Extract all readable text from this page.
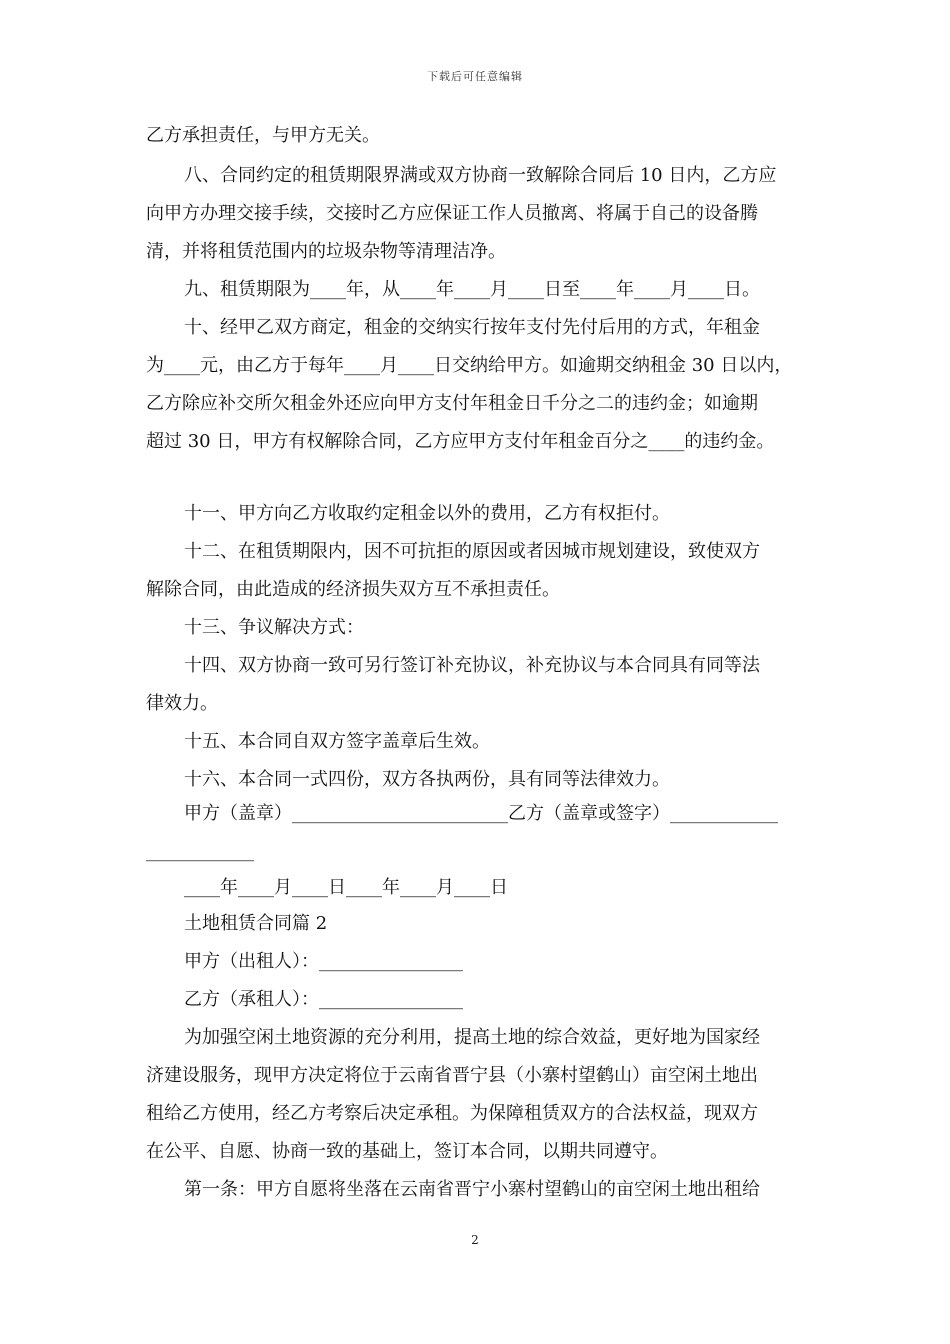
下载后可任意编辑
乙方承担责任，与甲方无关。
八、合同约定的租赁期限界满或双方协商一致解除合同后 10 日内，乙方应
向甲方办理交接手续，交接时乙方应保证工作人员撤离、将属于自己的设备腾
清，并将租赁范围内的垃圾杂物等清理洁净。
九、租赁期限为____年，从____年____月____日至____年____月____日。
十、经甲乙双方商定，租金的交纳实行按年支付先付后用的方式，年租金
为____元，由乙方于每年____月____日交纳给甲方。如逾期交纳租金 30 日以内，
乙方除应补交所欠租金外还应向甲方支付年租金日千分之二的违约金；如逾期
超过 30 日，甲方有权解除合同，乙方应甲方支付年租金百分之____的违约金。
十一、甲方向乙方收取约定租金以外的费用，乙方有权拒付。
十二、在租赁期限内，因不可抗拒的原因或者因城市规划建设，致使双方
解除合同，由此造成的经济损失双方互不承担责任。
十三、争议解决方式：
十四、双方协商一致可另行签订补充协议，补充协议与本合同具有同等法
律效力。
十五、本合同自双方签字盖章后生效。
十六、本合同一式四份，双方各执两份，具有同等法律效力。
甲方（盖章）________________________乙方（盖章或签字）____________
____________
____年____月____日____年____月____日
土地租赁合同篇 2
甲方（出租人）：________________
乙方（承租人）：________________
为加强空闲土地资源的充分利用，提高土地的综合效益，更好地为国家经
济建设服务，现甲方决定将位于云南省晋宁县（小寨村望鹤山）亩空闲土地出
租给乙方使用，经乙方考察后决定承租。为保障租赁双方的合法权益，现双方
在公平、自愿、协商一致的基础上，签订本合同，以期共同遵守。
第一条：甲方自愿将坐落在云南省晋宁小寨村望鹤山的亩空闲土地出租给
2
